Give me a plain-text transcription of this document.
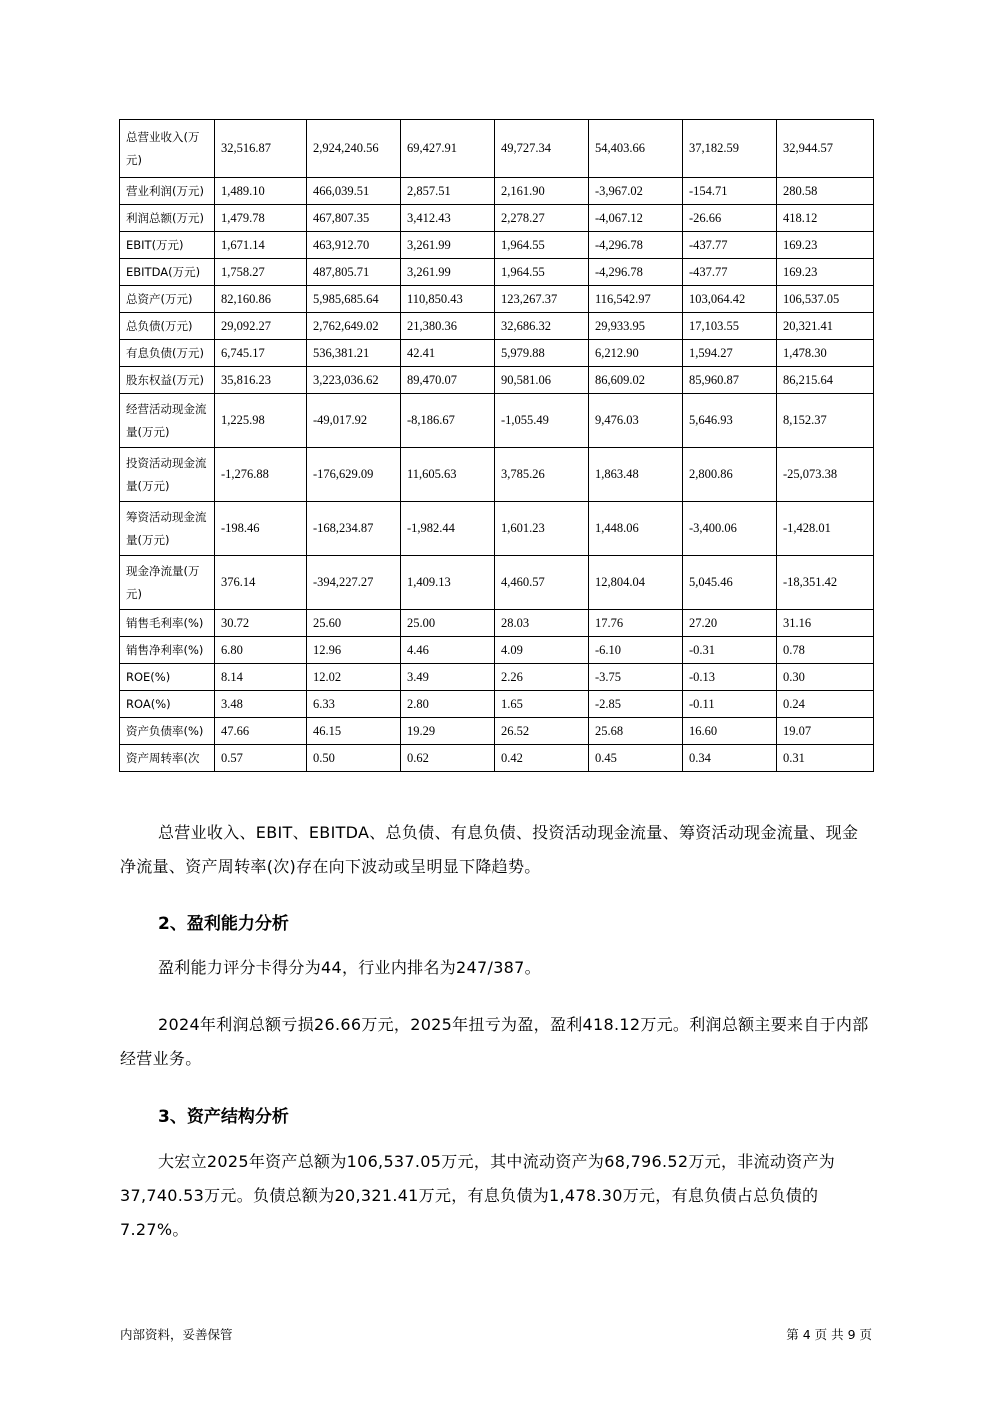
总营业收入(万元)	32,516.87	2,924,240.56	69,427.91	49,727.34	54,403.66	37,182.59	32,944.57
营业利润(万元)	1,489.10	466,039.51	2,857.51	2,161.90	-3,967.02	-154.71	280.58
利润总额(万元)	1,479.78	467,807.35	3,412.43	2,278.27	-4,067.12	-26.66	418.12
EBIT(万元)	1,671.14	463,912.70	3,261.99	1,964.55	-4,296.78	-437.77	169.23
EBITDA(万元)	1,758.27	487,805.71	3,261.99	1,964.55	-4,296.78	-437.77	169.23
总资产(万元)	82,160.86	5,985,685.64	110,850.43	123,267.37	116,542.97	103,064.42	106,537.05
总负债(万元)	29,092.27	2,762,649.02	21,380.36	32,686.32	29,933.95	17,103.55	20,321.41
有息负债(万元)	6,745.17	536,381.21	42.41	5,979.88	6,212.90	1,594.27	1,478.30
股东权益(万元)	35,816.23	3,223,036.62	89,470.07	90,581.06	86,609.02	85,960.87	86,215.64
经营活动现金流量(万元)	1,225.98	-49,017.92	-8,186.67	-1,055.49	9,476.03	5,646.93	8,152.37
投资活动现金流量(万元)	-1,276.88	-176,629.09	11,605.63	3,785.26	1,863.48	2,800.86	-25,073.38
筹资活动现金流量(万元)	-198.46	-168,234.87	-1,982.44	1,601.23	1,448.06	-3,400.06	-1,428.01
现金净流量(万元)	376.14	-394,227.27	1,409.13	4,460.57	12,804.04	5,045.46	-18,351.42
销售毛利率(%)	30.72	25.60	25.00	28.03	17.76	27.20	31.16
销售净利率(%)	6.80	12.96	4.46	4.09	-6.10	-0.31	0.78
ROE(%)	8.14	12.02	3.49	2.26	-3.75	-0.13	0.30
ROA(%)	3.48	6.33	2.80	1.65	-2.85	-0.11	0.24
资产负债率(%)	47.66	46.15	19.29	26.52	25.68	16.60	19.07
资产周转率(次	0.57	0.50	0.62	0.42	0.45	0.34	0.31
总营业收入、EBIT、EBITDA、总负债、有息负债、投资活动现金流量、筹资活动现金流量、现金净流量、资产周转率(次)存在向下波动或呈明显下降趋势。
2、盈利能力分析
盈利能力评分卡得分为44，行业内排名为247/387。
2024年利润总额亏损26.66万元，2025年扭亏为盈，盈利418.12万元。利润总额主要来自于内部经营业务。
3、资产结构分析
大宏立2025年资产总额为106,537.05万元，其中流动资产为68,796.52万元，非流动资产为37,740.53万元。负债总额为20,321.41万元，有息负债为1,478.30万元，有息负债占总负债的7.27%。
内部资料，妥善保管	第 4 页 共 9 页
